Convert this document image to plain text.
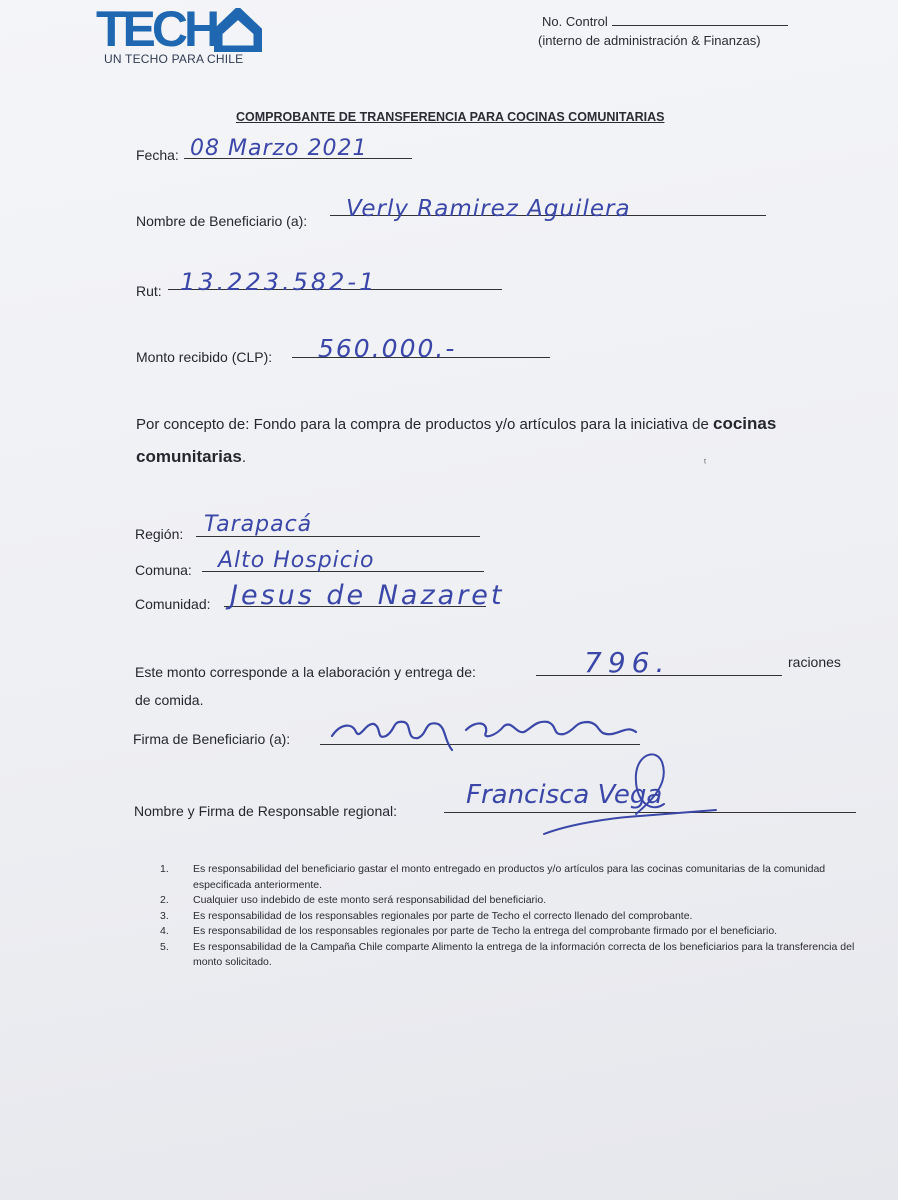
TECH
UN TECHO PARA CHILE
No. Control
(interno de administración & Finanzas)
COMPROBANTE DE TRANSFERENCIA PARA COCINAS COMUNITARIAS
Fecha: 08 Marzo 2021
Nombre de Beneficiario (a): Verly Ramirez Aguilera
Rut: 13.223.582-1
Monto recibido (CLP): 560.000.-
Por concepto de: Fondo para la compra de productos y/o artículos para la iniciativa de cocinas
comunitarias.	ᵗ
Región: Tarapacá
Comuna: Alto Hospicio
Comunidad: Jesus de Nazaret
Este monto corresponde a la elaboración y entrega de:	796.	raciones
de comida.
Firma de Beneficiario (a):
Nombre y Firma de Responsable regional:
Francisca Vega
1. Es responsabilidad del beneficiario gastar el monto entregado en productos y/o artículos para las cocinas comunitarias de la comunidad especificada anteriormente.
2. Cualquier uso indebido de este monto será responsabilidad del beneficiario.
3. Es responsabilidad de los responsables regionales por parte de Techo el correcto llenado del comprobante.
4. Es responsabilidad de los responsables regionales por parte de Techo la entrega del comprobante firmado por el beneficiario.
5. Es responsabilidad de la Campaña Chile comparte Alimento la entrega de la información correcta de los beneficiarios para la transferencia del monto solicitado.
